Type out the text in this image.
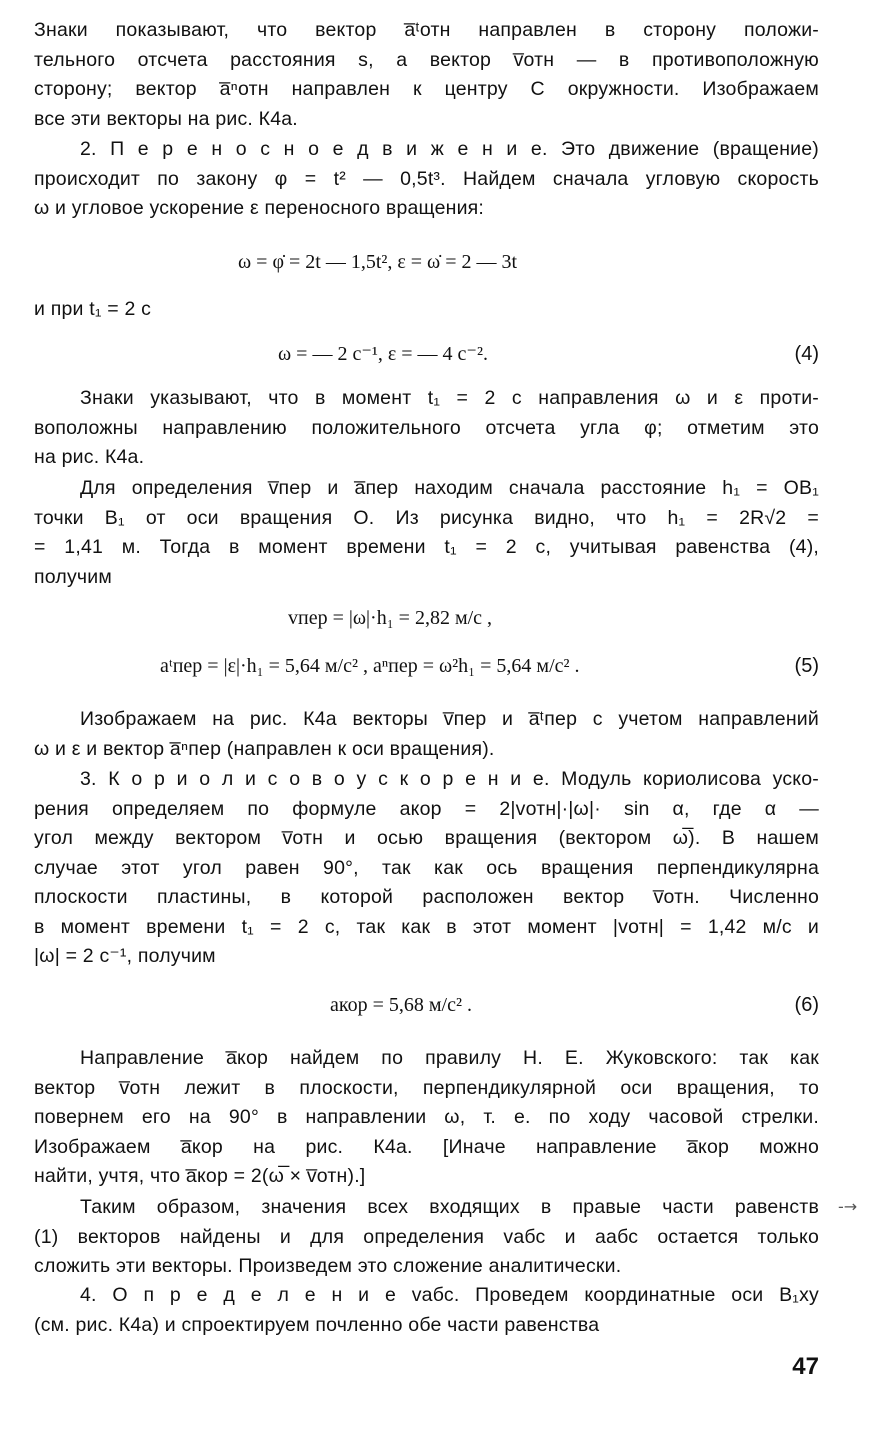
Знаки показывают, что вектор a̅ᵗотн направлен в сторону положи-
тельного отсчета расстояния s, а вектор v̅отн — в противоположную
сторону; вектор a̅ⁿотн направлен к центру C окружности. Изображаем
все эти векторы на рис. К4а.
2. П е р е н о с н о е д в и ж е н и е. Это движение (вращение)
происходит по закону φ = t² — 0,5t³. Найдем сначала угловую скорость
ω и угловое ускорение ε переносного вращения:
и при t₁ = 2 с
Знаки указывают, что в момент t₁ = 2 с направления ω и ε проти-
воположны направлению положительного отсчета угла φ; отметим это
на рис. К4а.
Для определения v̅пер и a̅пер находим сначала расстояние h₁ = OB₁
точки B₁ от оси вращения O. Из рисунка видно, что h₁ = 2R√2 =
= 1,41 м. Тогда в момент времени t₁ = 2 с, учитывая равенства (4),
получим
Изображаем на рис. К4а векторы v̅пер и a̅ᵗпер с учетом направлений
ω и ε и вектор a̅ⁿпер (направлен к оси вращения).
3. К о р и о л и с о в о у с к о р е н и е. Модуль кориолисова уско-
рения определяем по формуле aкор = 2|vотн|·|ω|· sin α, где α —
угол между вектором v̅отн и осью вращения (вектором ω̅). В нашем
случае этот угол равен 90°, так как ось вращения перпендикулярна
плоскости пластины, в которой расположен вектор v̅отн. Численно
в момент времени t₁ = 2 с, так как в этот момент |vотн| = 1,42 м/с и
|ω| = 2 с⁻¹, получим
Направление a̅кор найдем по правилу Н. Е. Жуковского: так как
вектор v̅отн лежит в плоскости, перпендикулярной оси вращения, то
повернем его на 90° в направлении ω, т. е. по ходу часовой стрелки.
Изображаем a̅кор на рис. К4а. [Иначе направление a̅кор можно
найти, учтя, что a̅кор = 2(ω̅ × v̅отн).]
Таким образом, значения всех входящих в правые части равенств
(1) векторов найдены и для определения vабс и aабс остается только
сложить эти векторы. Произведем это сложение аналитически.
4. О п р е д е л е н и е vабс. Проведем координатные оси B₁xy
(см. рис. К4а) и спроектируем почленно обе части равенства
ω = φ̇ = 2t — 1,5t², ε = ω̇ = 2 — 3t
ω = — 2 с⁻¹, ε = — 4 с⁻².	(4)
vпер = |ω|·h₁ = 2,82 м/с ,
aᵗпер = |ε|·h₁ = 5,64 м/с² , aⁿпер = ω²h₁ = 5,64 м/с² .	(5)
aкор = 5,68 м/с² .	(6)
-→
47
